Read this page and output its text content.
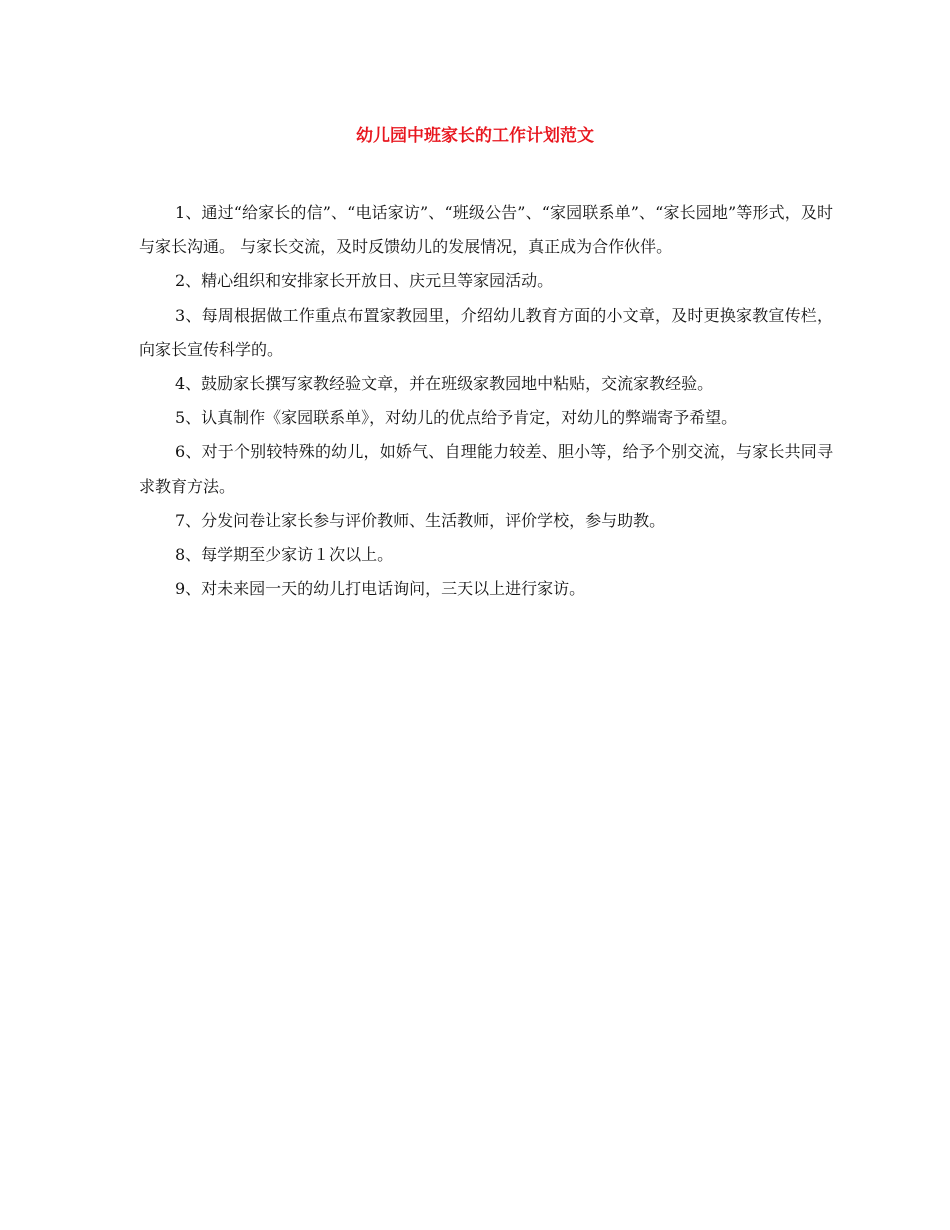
幼儿园中班家长的工作计划范文

1、通过“给家长的信”、“电话家访”、“班级公告”、“家园联系单”、“家长园地”等形式，及时与家长沟通。 与家长交流，及时反馈幼儿的发展情况，真正成为合作伙伴。

2、精心组织和安排家长开放日、庆元旦等家园活动。

3、每周根据做工作重点布置家教园里，介绍幼儿教育方面的小文章，及时更换家教宣传栏，向家长宣传科学的。

4、鼓励家长撰写家教经验文章，并在班级家教园地中粘贴，交流家教经验。

5、认真制作《家园联系单》，对幼儿的优点给予肯定，对幼儿的弊端寄予希望。

6、对于个别较特殊的幼儿，如娇气、自理能力较差、胆小等，给予个别交流，与家长共同寻求教育方法。

7、分发问卷让家长参与评价教师、生活教师，评价学校，参与助教。

8、每学期至少家访１次以上。

9、对未来园一天的幼儿打电话询问，三天以上进行家访。
